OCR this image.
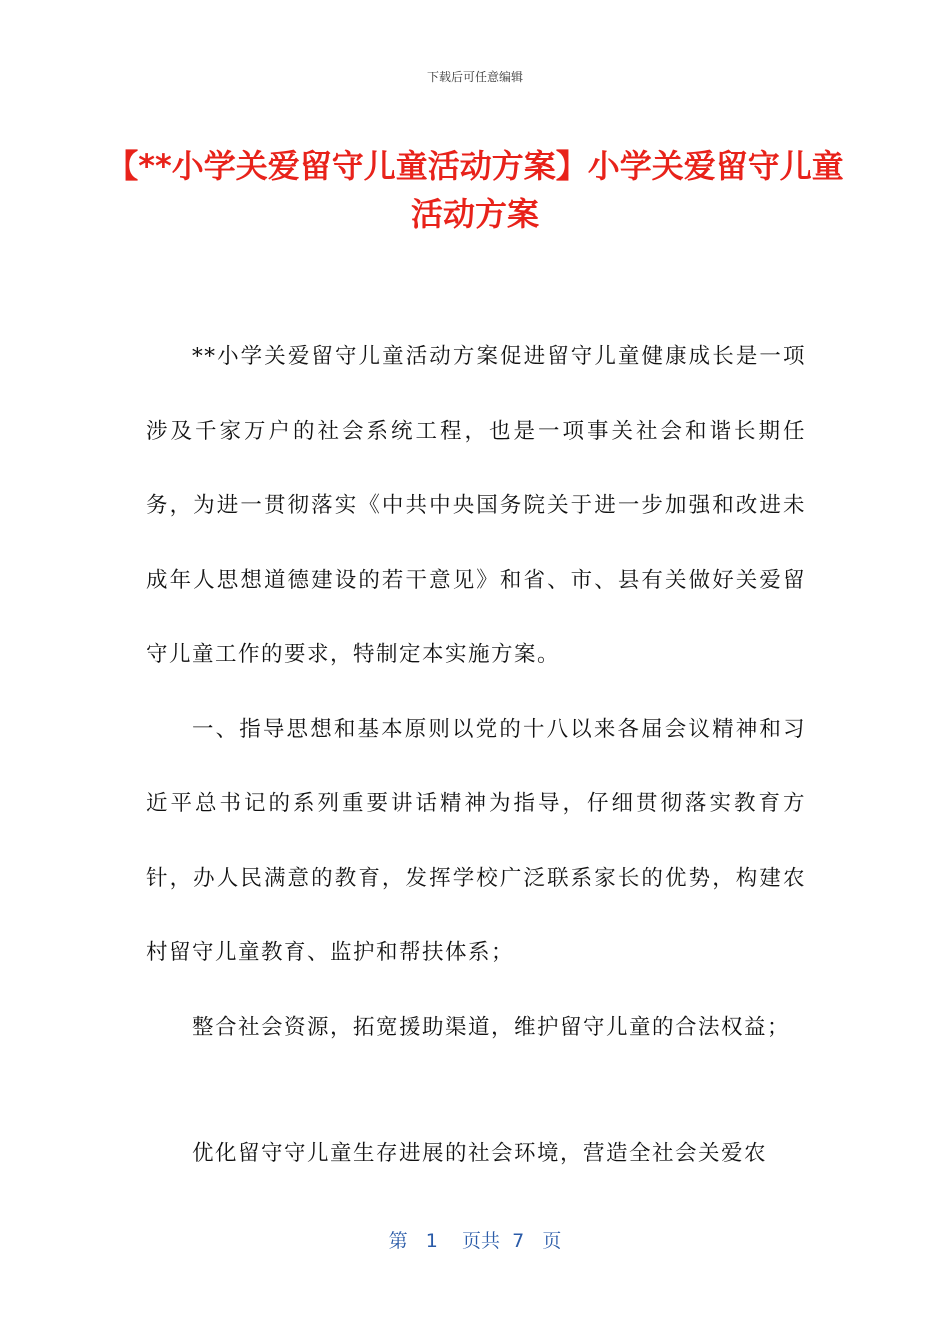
下载后可任意编辑
【**小学关爱留守儿童活动方案】小学关爱留守儿童活动方案

**小学关爱留守儿童活动方案促进留守儿童健康成长是一项涉及千家万户的社会系统工程，也是一项事关社会和谐长期任务，为进一贯彻落实《中共中央国务院关于进一步加强和改进未成年人思想道德建设的若干意见》和省、市、县有关做好关爱留守儿童工作的要求，特制定本实施方案。

一、指导思想和基本原则以党的十八以来各届会议精神和习近平总书记的系列重要讲话精神为指导，仔细贯彻落实教育方针，办人民满意的教育，发挥学校广泛联系家长的优势，构建农村留守儿童教育、监护和帮扶体系；

整合社会资源，拓宽援助渠道，维护留守儿童的合法权益；

优化留守守儿童生存进展的社会环境，营造全社会关爱农

第 1 页共 7 页
